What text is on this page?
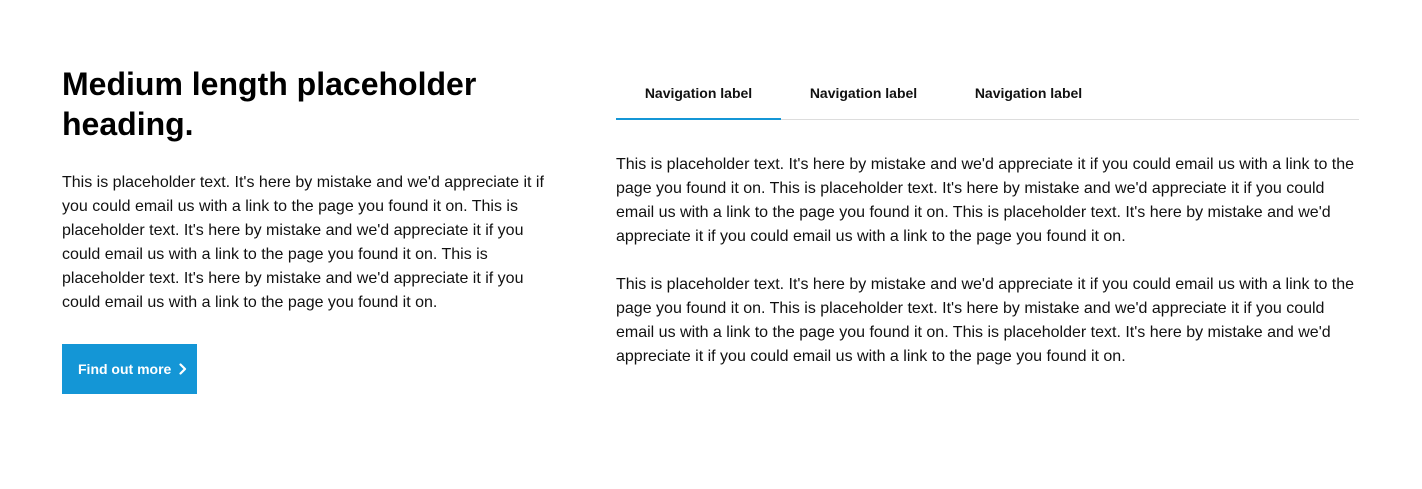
Medium length placeholder heading.

This is placeholder text. It's here by mistake and we'd appreciate it if you could email us with a link to the page you found it on. This is placeholder text. It's here by mistake and we'd appreciate it if you could email us with a link to the page you found it on. This is placeholder text. It's here by mistake and we'd appreciate it if you could email us with a link to the page you found it on.

Find out more
Navigation label	Navigation label	Navigation label

This is placeholder text. It's here by mistake and we'd appreciate it if you could email us with a link to the page you found it on. This is placeholder text. It's here by mistake and we'd appreciate it if you could email us with a link to the page you found it on. This is placeholder text. It's here by mistake and we'd appreciate it if you could email us with a link to the page you found it on.

This is placeholder text. It's here by mistake and we'd appreciate it if you could email us with a link to the page you found it on. This is placeholder text. It's here by mistake and we'd appreciate it if you could email us with a link to the page you found it on. This is placeholder text. It's here by mistake and we'd appreciate it if you could email us with a link to the page you found it on.
